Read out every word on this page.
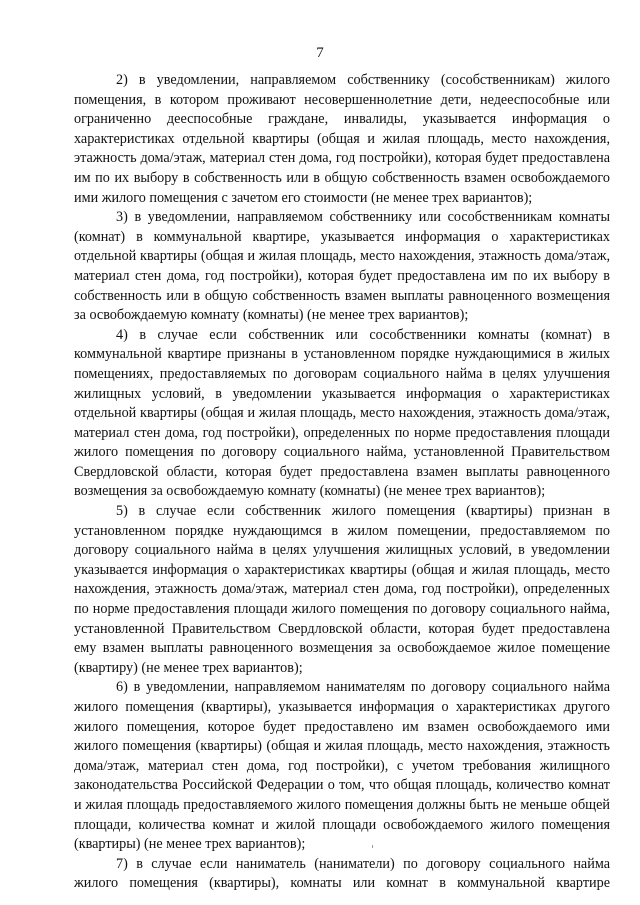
7

2) в уведомлении, направляемом собственнику (сособственникам) жилого помещения, в котором проживают несовершеннолетние дети, недееспособные или ограниченно дееспособные граждане, инвалиды, указывается информация о характеристиках отдельной квартиры (общая и жилая площадь, место нахождения, этажность дома/этаж, материал стен дома, год постройки), которая будет предоставлена им по их выбору в собственность или в общую собственность взамен освобождаемого ими жилого помещения с зачетом его стоимости (не менее трех вариантов);

3) в уведомлении, направляемом собственнику или сособственникам комнаты (комнат) в коммунальной квартире, указывается информация о характеристиках отдельной квартиры (общая и жилая площадь, место нахождения, этажность дома/этаж, материал стен дома, год постройки), которая будет предоставлена им по их выбору в собственность или в общую собственность взамен выплаты равноценного возмещения за освобождаемую комнату (комнаты) (не менее трех вариантов);

4) в случае если собственник или сособственники комнаты (комнат) в коммунальной квартире признаны в установленном порядке нуждающимися в жилых помещениях, предоставляемых по договорам социального найма в целях улучшения жилищных условий, в уведомлении указывается информация о характеристиках отдельной квартиры (общая и жилая площадь, место нахождения, этажность дома/этаж, материал стен дома, год постройки), определенных по норме предоставления площади жилого помещения по договору социального найма, установленной Правительством Свердловской области, которая будет предоставлена взамен выплаты равноценного возмещения за освобождаемую комнату (комнаты) (не менее трех вариантов);

5) в случае если собственник жилого помещения (квартиры) признан в установленном порядке нуждающимся в жилом помещении, предоставляемом по договору социального найма в целях улучшения жилищных условий, в уведомлении указывается информация о характеристиках квартиры (общая и жилая площадь, место нахождения, этажность дома/этаж, материал стен дома, год постройки), определенных по норме предоставления площади жилого помещения по договору социального найма, установленной Правительством Свердловской области, которая будет предоставлена ему взамен выплаты равноценного возмещения за освобождаемое жилое помещение (квартиру) (не менее трех вариантов);

6) в уведомлении, направляемом нанимателям по договору социального найма жилого помещения (квартиры), указывается информация о характеристиках другого жилого помещения, которое будет предоставлено им взамен освобождаемого ими жилого помещения (квартиры) (общая и жилая площадь, место нахождения, этажность дома/этаж, материал стен дома, год постройки), с учетом требования жилищного законодательства Российской Федерации о том, что общая площадь, количество комнат и жилая площадь предоставляемого жилого помещения должны быть не меньше общей площади, количества комнат и жилой площади освобождаемого жилого помещения (квартиры) (не менее трех вариантов);

7) в случае если наниматель (наниматели) по договору социального найма жилого помещения (квартиры), комнаты или комнат в коммунальной квартире
